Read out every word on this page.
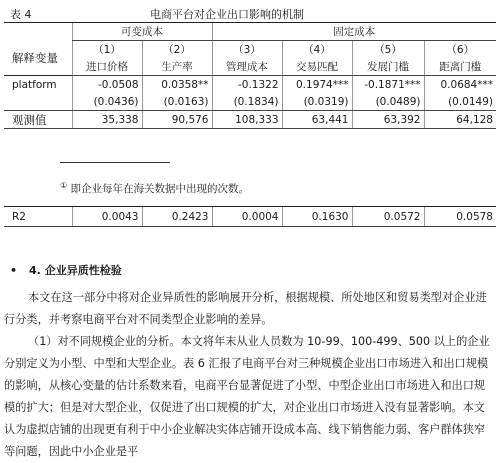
表 4	电商平台对企业出口影响的机制
	可变成本		固定成本			
解释变量	（1）	（2）	（3）	（4）	（5）	（6）
	进口价格	生产率	管理成本	交易匹配	发展门槛	距离门槛
platform	-0.0508	0.0358**	-0.1322	0.1974***	-0.1871***	0.0684***
	(0.0436)	(0.0163)	(0.1834)	(0.0319)	(0.0489)	(0.0149)
观测值	35,338	90,576	108,333	63,441	63,392	64,128
① 即企业每年在海关数据中出现的次数。
R2	0.0043	0.2423	0.0004	0.1630	0.0572	0.0578
• 4. 企业异质性检验

本文在这一部分中将对企业异质性的影响展开分析，根据规模、所处地区和贸易类型对企业进行分类，并考察电商平台对不同类型企业影响的差异。

（1）对不同规模企业的分析。本文将年末从业人员数为 10-99、100-499、500 以上的企业分别定义为小型、中型和大型企业。表 6 汇报了电商平台对三种规模企业出口市场进入和出口规模的影响，从核心变量的估计系数来看，电商平台显著促进了小型、中型企业出口市场进入和出口规模的扩大；但是对大型企业，仅促进了出口规模的扩大，对企业出口市场进入没有显著影响。本文认为虚拟店铺的出现更有利于中小企业解决实体店铺开设成本高、线下销售能力弱、客户群体狭窄等问题，因此中小企业是平
